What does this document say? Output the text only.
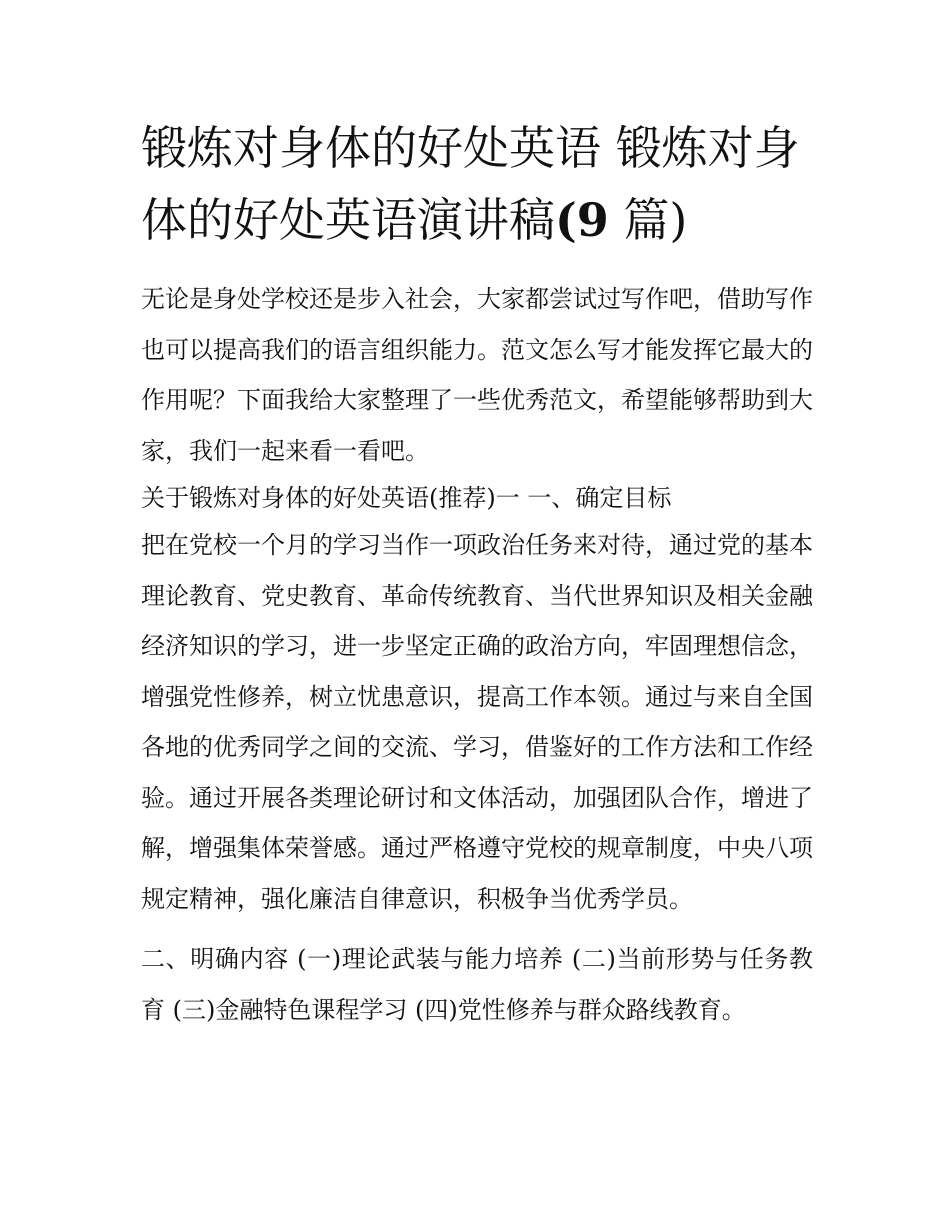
锻炼对身体的好处英语 锻炼对身体的好处英语演讲稿(9 篇)

无论是身处学校还是步入社会，大家都尝试过写作吧，借助写作也可以提高我们的语言组织能力。范文怎么写才能发挥它最大的作用呢？下面我给大家整理了一些优秀范文，希望能够帮助到大家，我们一起来看一看吧。

关于锻炼对身体的好处英语(推荐)一 一、确定目标

把在党校一个月的学习当作一项政治任务来对待，通过党的基本理论教育、党史教育、革命传统教育、当代世界知识及相关金融经济知识的学习，进一步坚定正确的政治方向，牢固理想信念，增强党性修养，树立忧患意识，提高工作本领。通过与来自全国各地的优秀同学之间的交流、学习，借鉴好的工作方法和工作经验。通过开展各类理论研讨和文体活动，加强团队合作，增进了解，增强集体荣誉感。通过严格遵守党校的规章制度，中央八项规定精神，强化廉洁自律意识，积极争当优秀学员。

二、明确内容 (一)理论武装与能力培养 (二)当前形势与任务教育 (三)金融特色课程学习 (四)党性修养与群众路线教育。
